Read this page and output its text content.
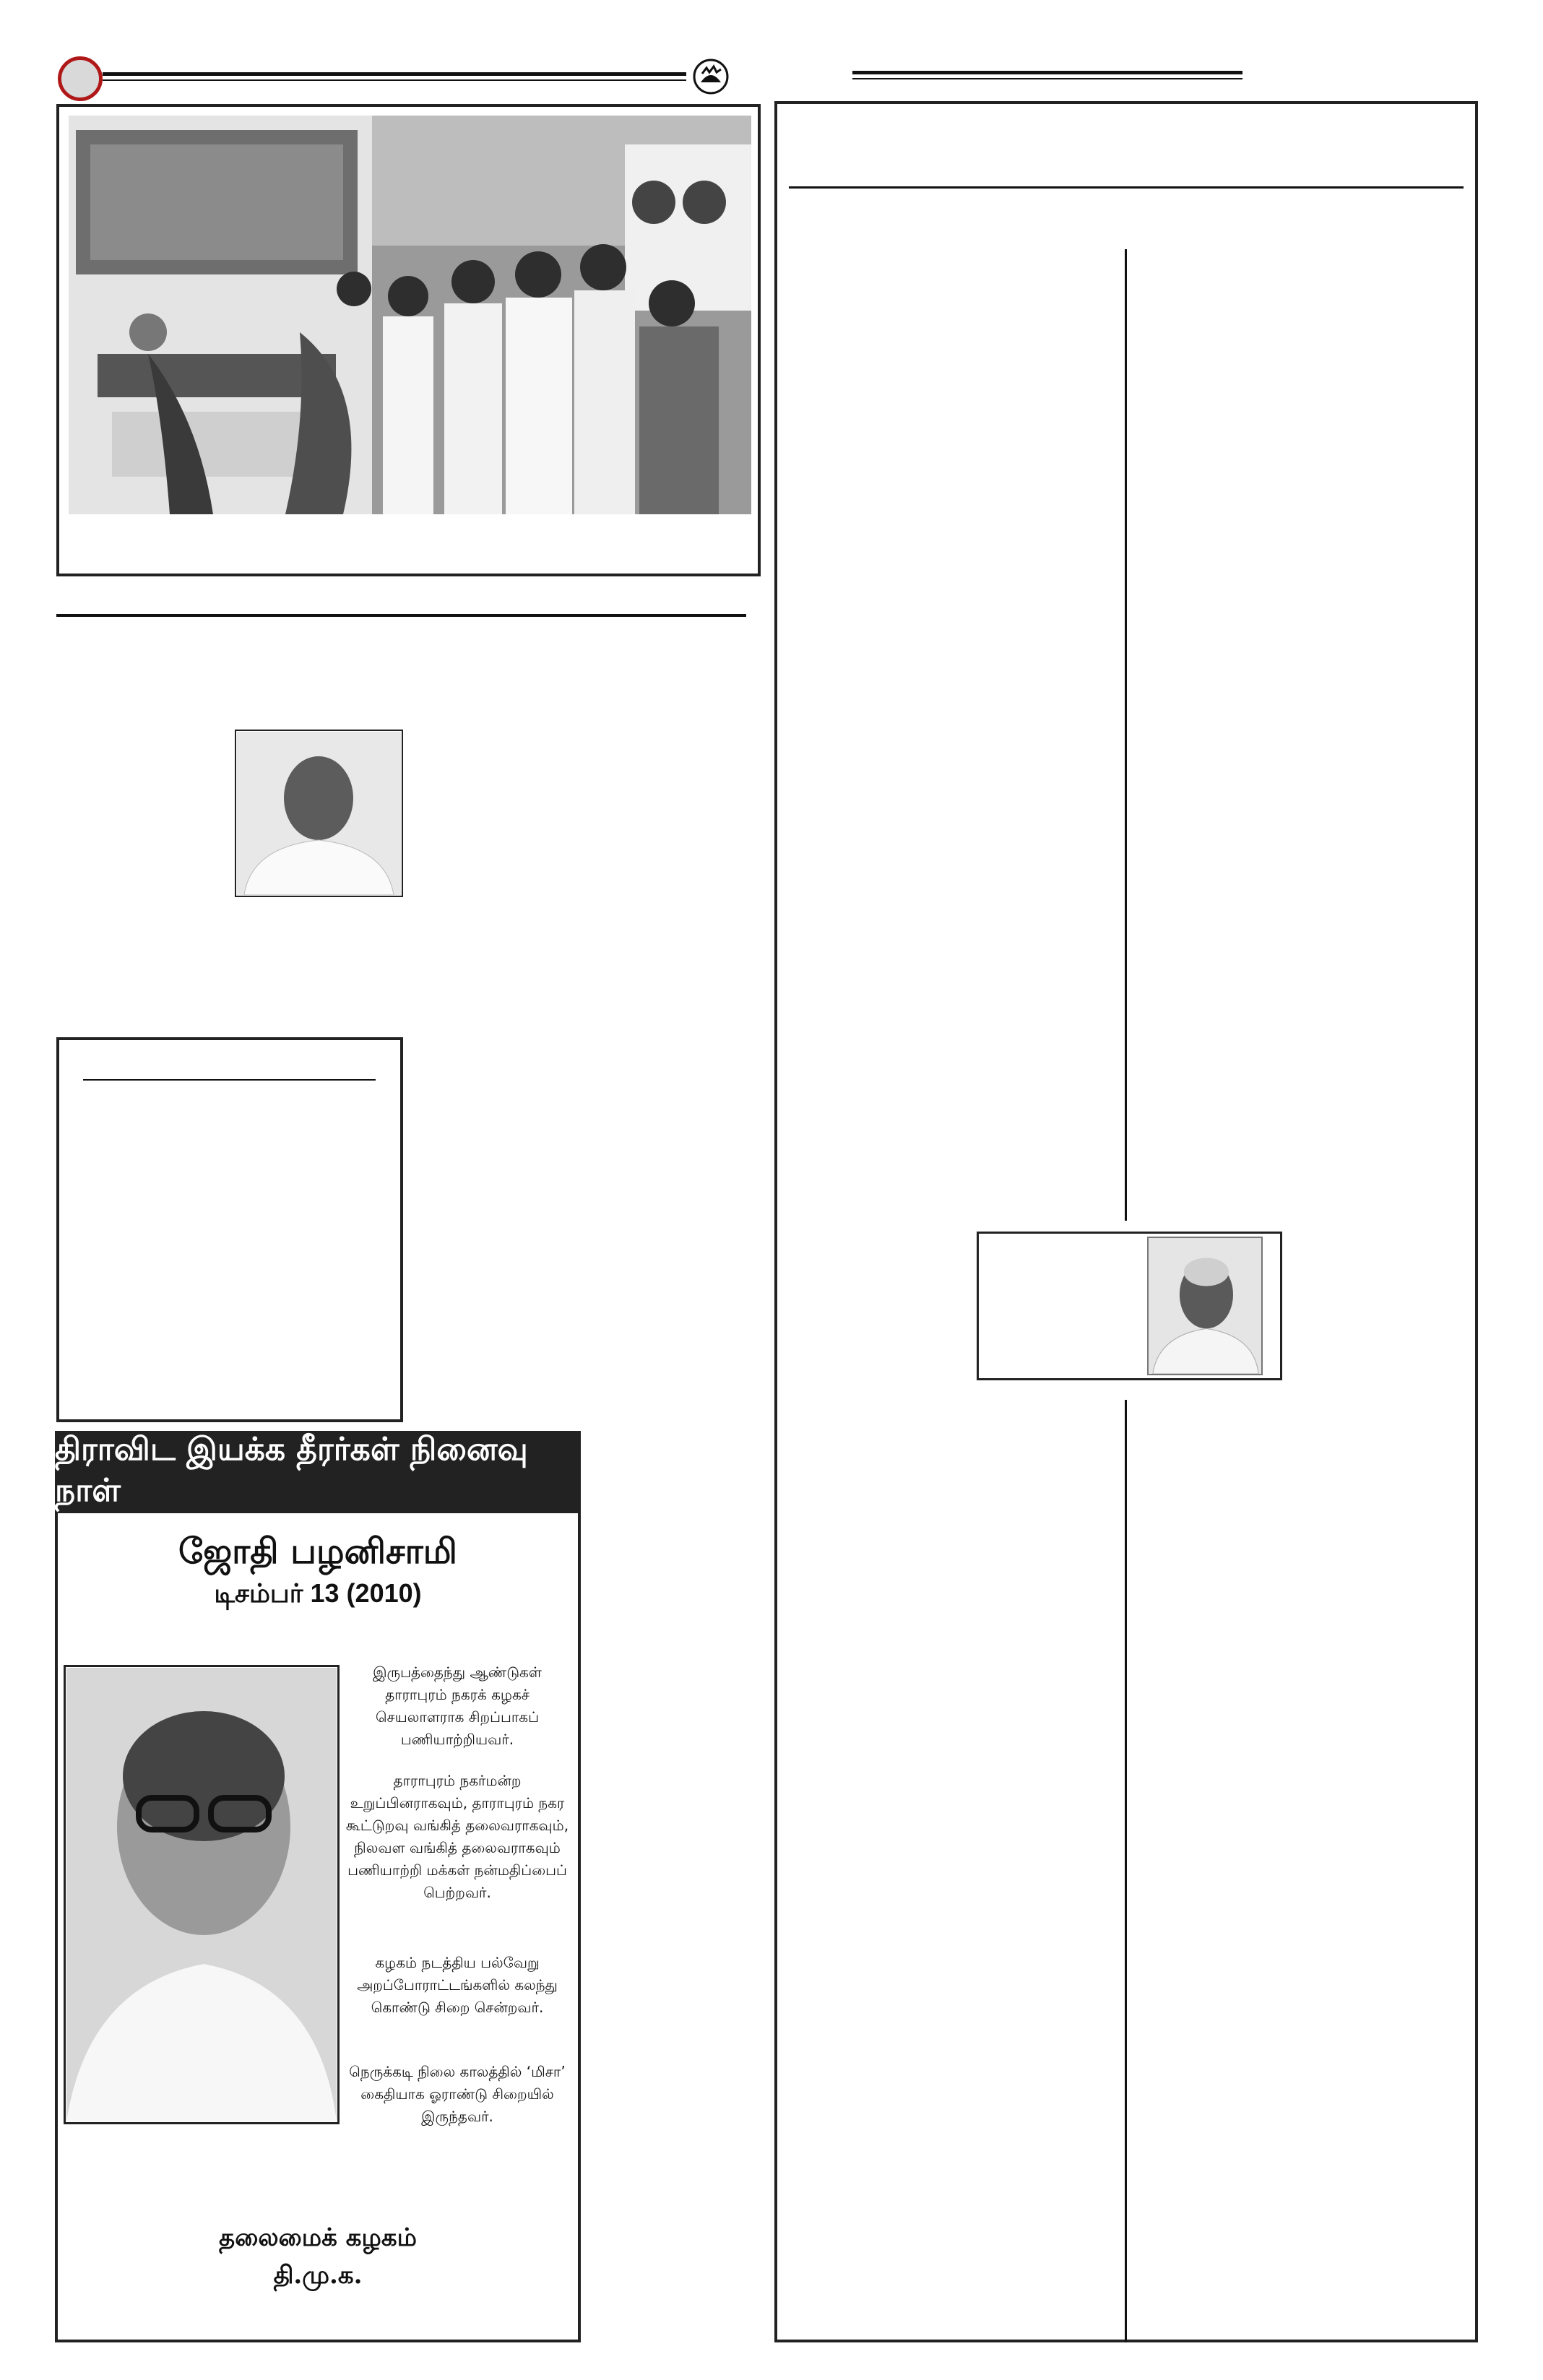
திராவிட இயக்க தீரர்கள் நினைவு நாள்
ஜோதி பழனிசாமி
டிசம்பர் 13 (2010)
இருபத்தைந்து ஆண்டுகள் தாராபுரம் நகரக் கழகச் செயலாளராக சிறப்பாகப் பணியாற்றியவர்.
தாராபுரம் நகர்மன்ற உறுப்பினராகவும், தாராபுரம் நகர கூட்டுறவு வங்கித் தலைவராகவும், நிலவள வங்கித் தலைவராகவும் பணியாற்றி மக்கள் நன்மதிப்பைப் பெற்றவர்.
கழகம் நடத்திய பல்வேறு அறப்போராட்டங்களில் கலந்து கொண்டு சிறை சென்றவர்.
நெருக்கடி நிலை காலத்தில் ‘மிசா’ கைதியாக ஓராண்டு சிறையில் இருந்தவர்.
தலைமைக் கழகம்
தி.மு.க.
